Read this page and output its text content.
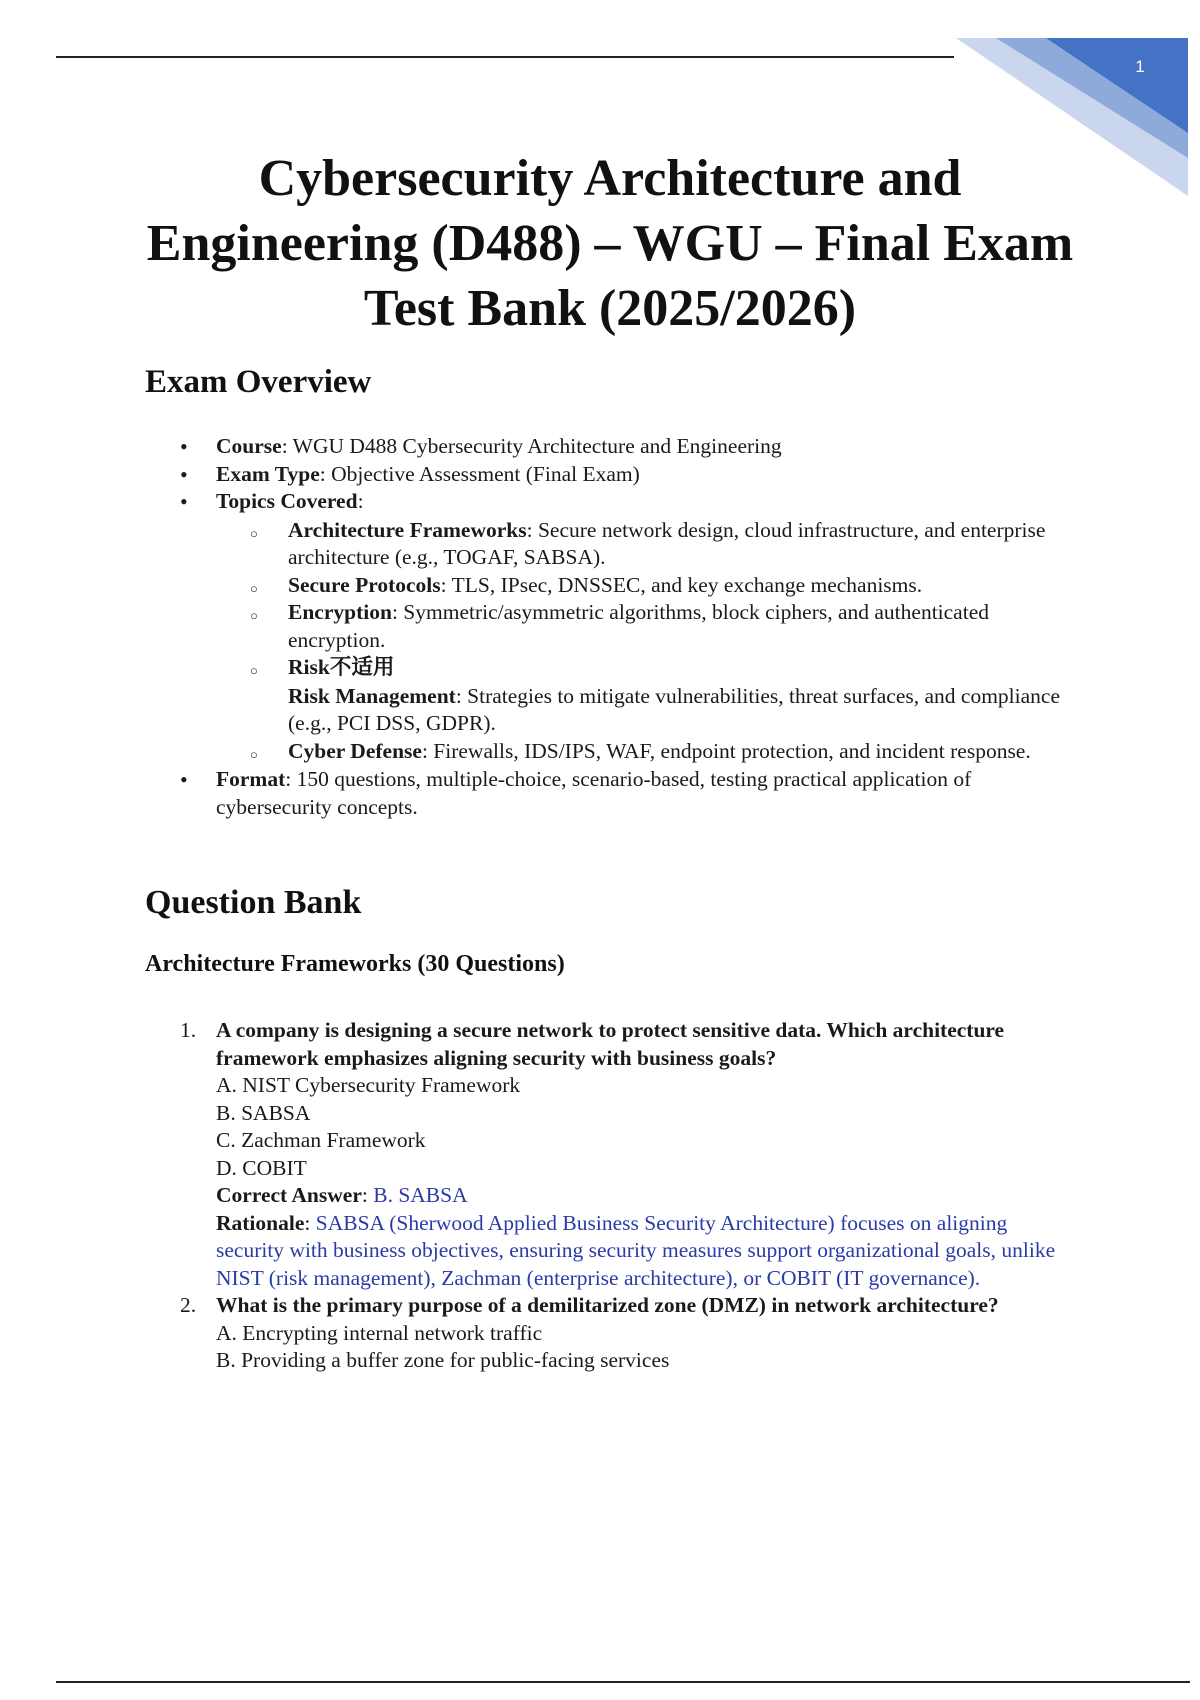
1
Cybersecurity Architecture and Engineering (D488) – WGU – Final Exam Test Bank (2025/2026)
Exam Overview
• Course: WGU D488 Cybersecurity Architecture and Engineering
• Exam Type: Objective Assessment (Final Exam)
• Topics Covered:
○ Architecture Frameworks: Secure network design, cloud infrastructure, and enterprise architecture (e.g., TOGAF, SABSA).
○ Secure Protocols: TLS, IPsec, DNSSEC, and key exchange mechanisms.
○ Encryption: Symmetric/asymmetric algorithms, block ciphers, and authenticated encryption.
○ Risk不适用
Risk Management: Strategies to mitigate vulnerabilities, threat surfaces, and compliance (e.g., PCI DSS, GDPR).
○ Cyber Defense: Firewalls, IDS/IPS, WAF, endpoint protection, and incident response.
• Format: 150 questions, multiple-choice, scenario-based, testing practical application of cybersecurity concepts.
Question Bank
Architecture Frameworks (30 Questions)
1. A company is designing a secure network to protect sensitive data. Which architecture framework emphasizes aligning security with business goals?
A. NIST Cybersecurity Framework
B. SABSA
C. Zachman Framework
D. COBIT
Correct Answer: B. SABSA
Rationale: SABSA (Sherwood Applied Business Security Architecture) focuses on aligning security with business objectives, ensuring security measures support organizational goals, unlike NIST (risk management), Zachman (enterprise architecture), or COBIT (IT governance).
2. What is the primary purpose of a demilitarized zone (DMZ) in network architecture?
A. Encrypting internal network traffic
B. Providing a buffer zone for public-facing services
